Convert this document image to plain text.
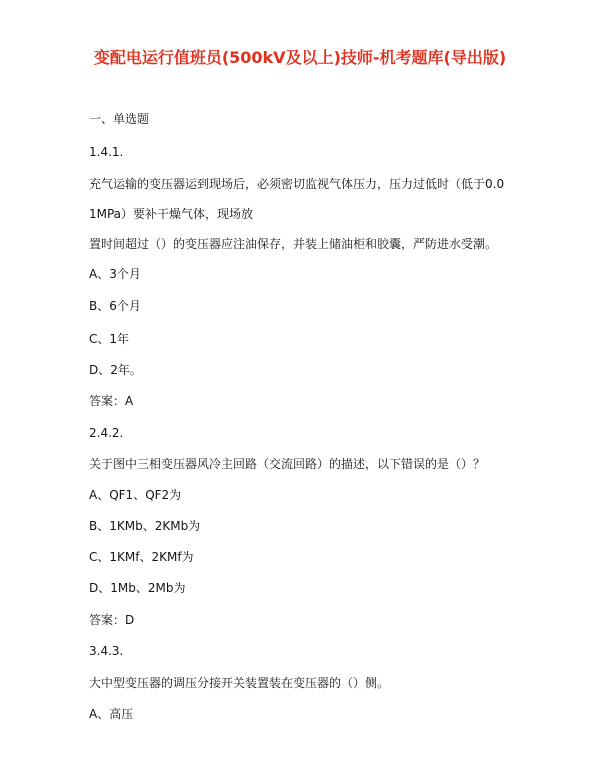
变配电运行值班员(500kV及以上)技师-机考题库(导出版)
一、单选题
1.4.1.
充气运输的变压器运到现场后，必须密切监视气体压力，压力过低时（低于0.0
1MPa）要补干燥气体，现场放
置时间超过（）的变压器应注油保存，并装上储油柜和胶囊，严防进水受潮。
A、3个月
B、6个月
C、1年
D、2年。
答案：A
2.4.2.
关于图中三相变压器风冷主回路（交流回路）的描述，以下错误的是（）？
A、QF1、QF2为
B、1KMb、2KMb为
C、1KMf、2KMf为
D、1Mb、2Mb为
答案：D
3.4.3.
大中型变压器的调压分接开关装置装在变压器的（）侧。
A、高压
